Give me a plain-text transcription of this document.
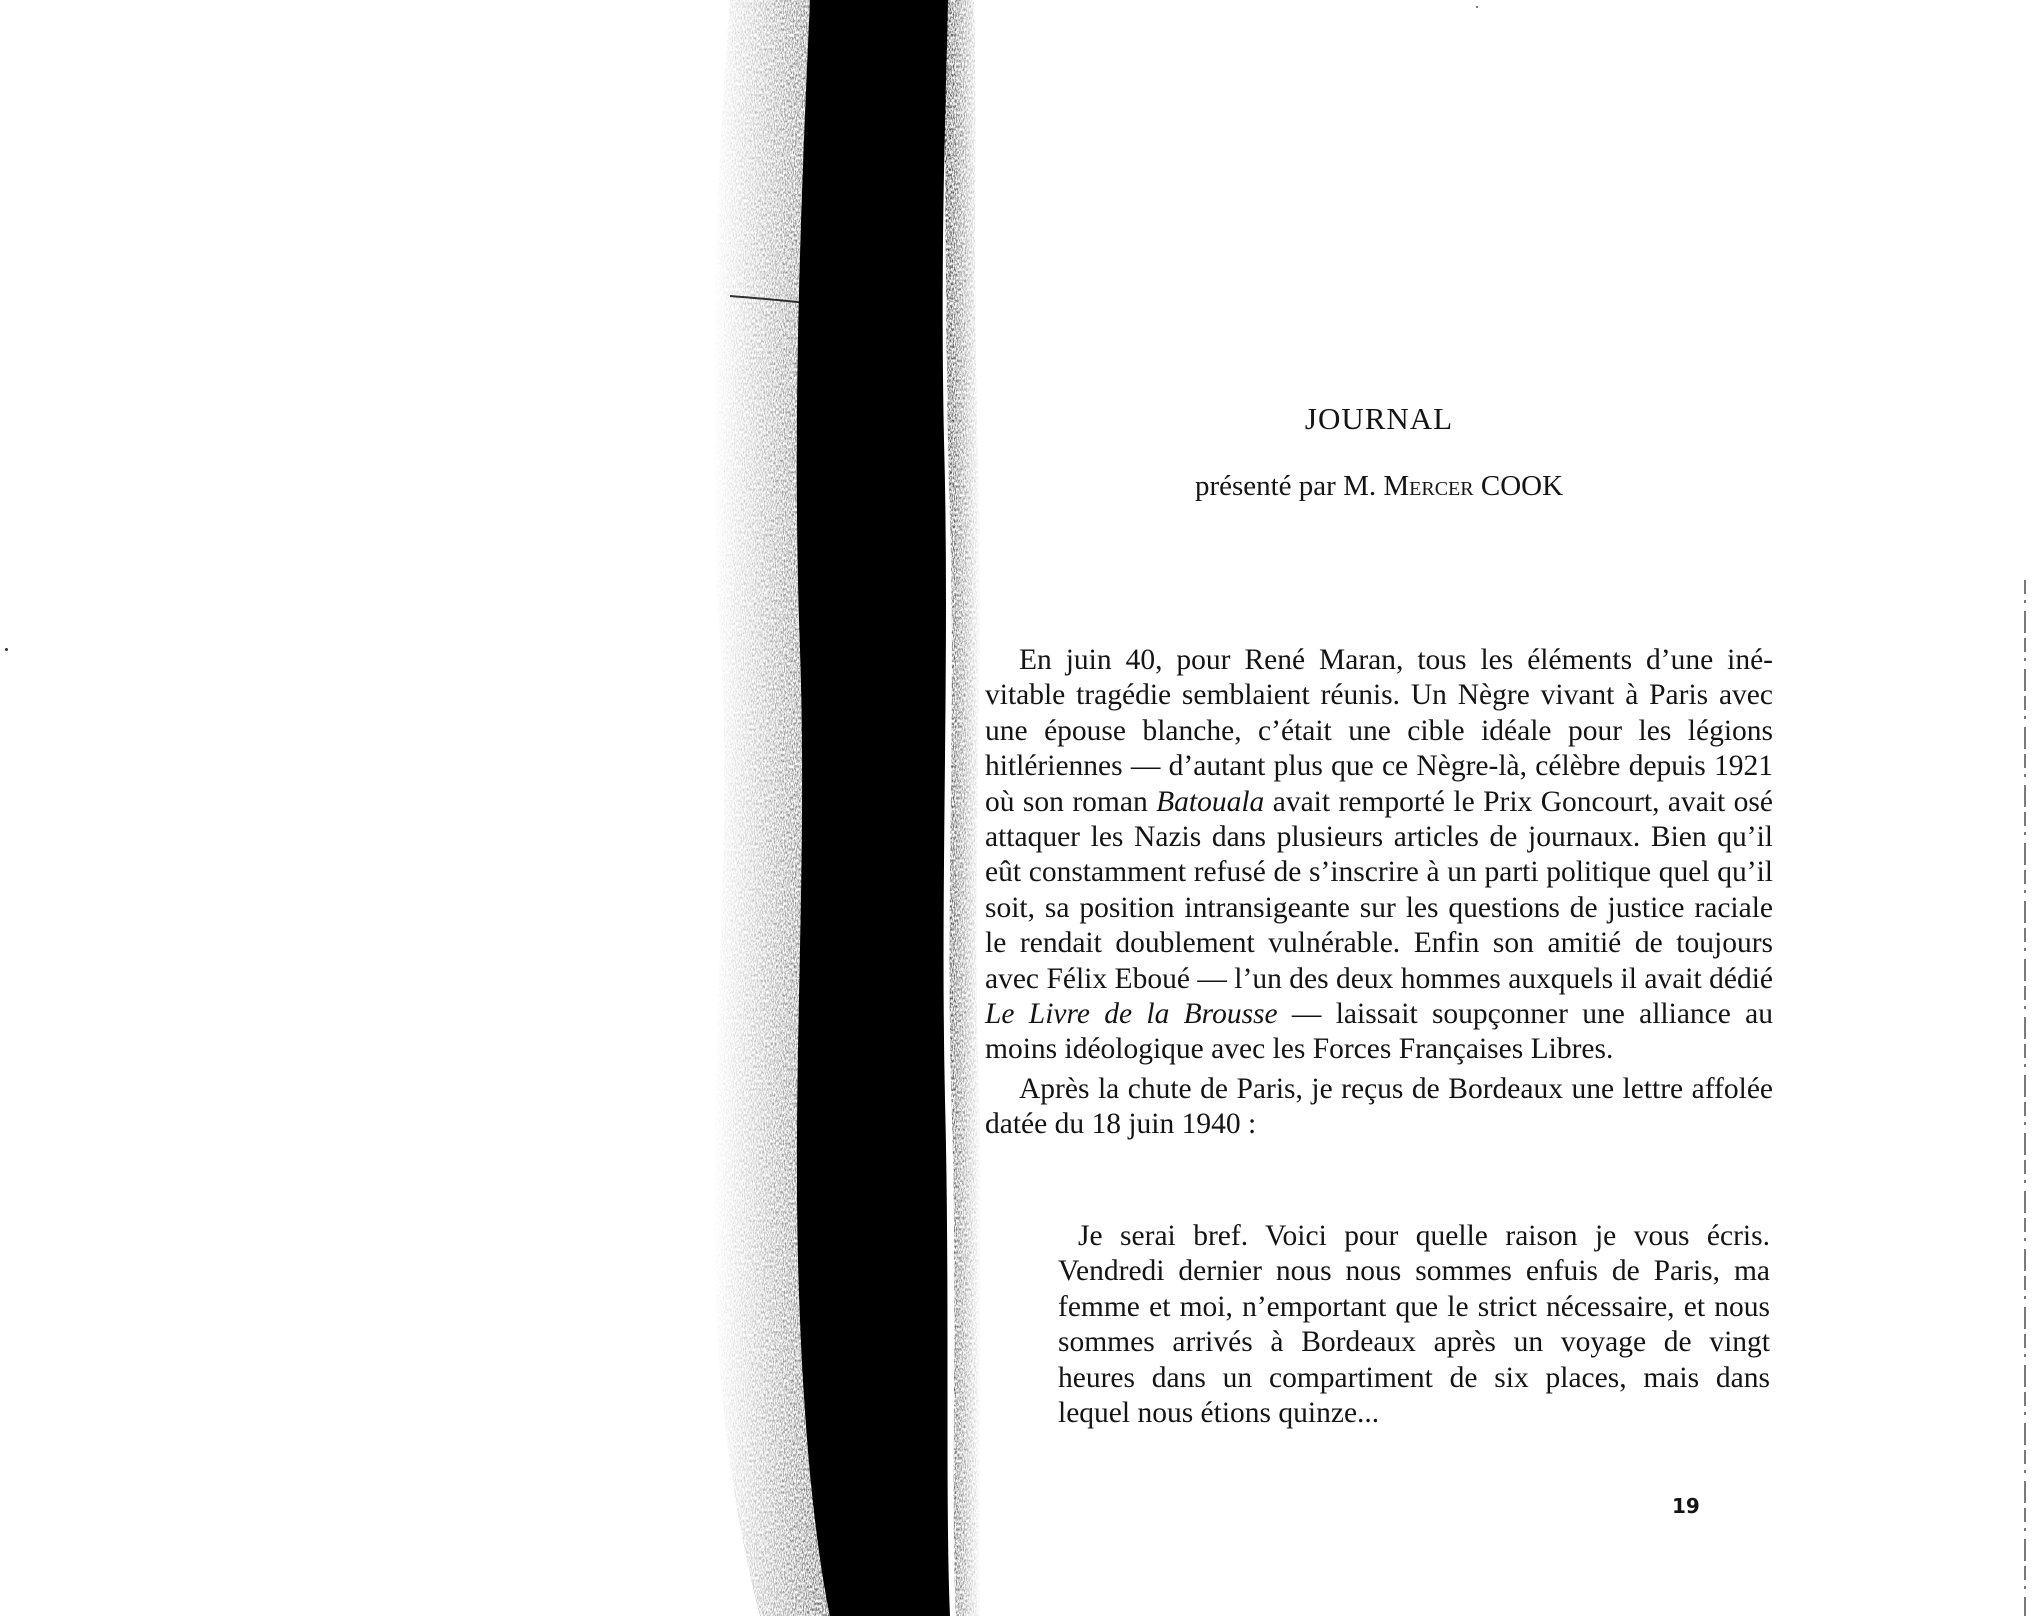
JOURNAL

présenté par M. Mercer COOK

En juin 40, pour René Maran, tous les éléments d’une inévitable tragédie semblaient réunis. Un Nègre vivant à Paris avec une épouse blanche, c’était une cible idéale pour les légions hitlériennes — d’autant plus que ce Nègre-là, célèbre depuis 1921 où son roman Batouala avait remporté le Prix Goncourt, avait osé attaquer les Nazis dans plusieurs articles de journaux. Bien qu’il eût constamment refusé de s’inscrire à un parti politique quel qu’il soit, sa position intransigeante sur les questions de justice raciale le rendait doublement vulnérable. Enfin son amitié de toujours avec Félix Eboué — l’un des deux hommes auxquels il avait dédié Le Livre de la Brousse — laissait soupçonner une alliance au moins idéologique avec les Forces Françaises Libres.

Après la chute de Paris, je reçus de Bordeaux une lettre affolée datée du 18 juin 1940 :

Je serai bref. Voici pour quelle raison je vous écris. Vendredi dernier nous nous sommes enfuis de Paris, ma femme et moi, n’emportant que le strict nécessaire, et nous sommes arrivés à Bordeaux après un voyage de vingt heures dans un compartiment de six places, mais dans lequel nous étions quinze...

19
